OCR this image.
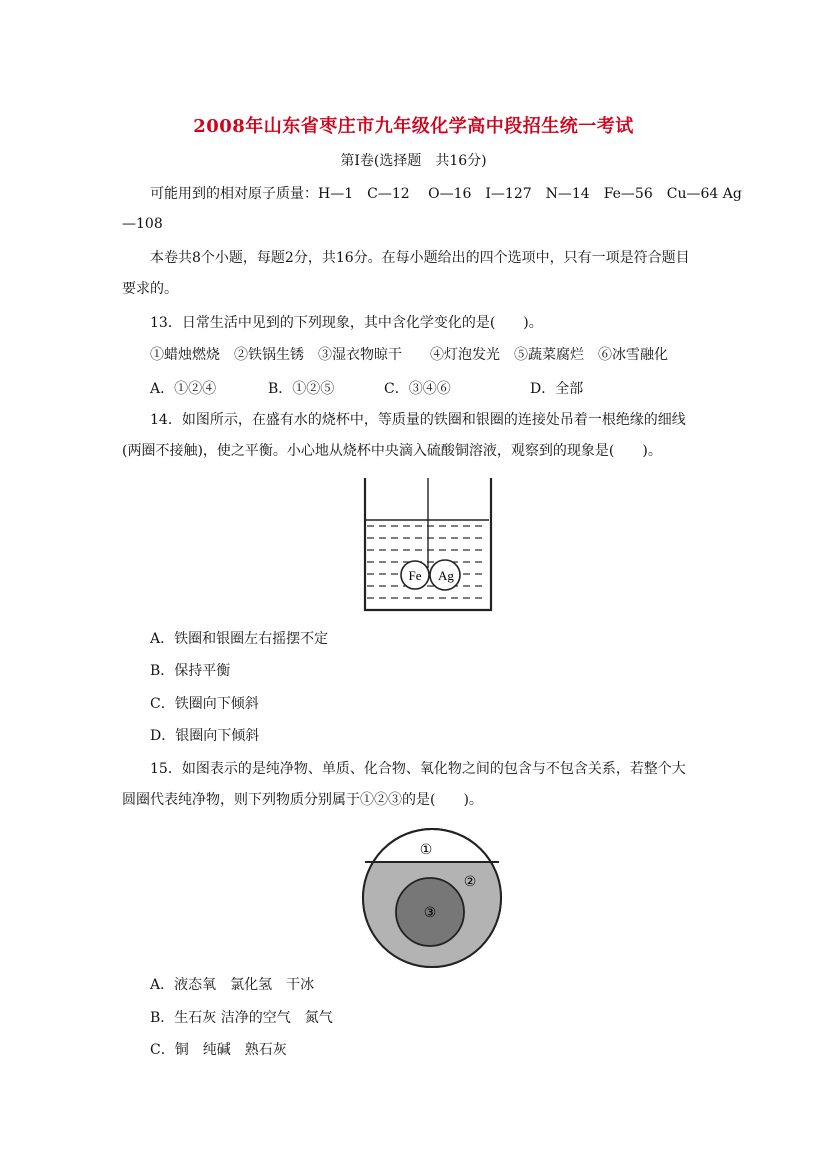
2008年山东省枣庄市九年级化学高中段招生统一考试
第Ⅰ卷(选择题　共16分)
可能用到的相对原子质量：H—1　C—12　 O—16　I—127　N—14　Fe—56　Cu—64 Ag
—108
本卷共8个小题，每题2分，共16分。在每小题给出的四个选项中，只有一项是符合题目
要求的。
13．日常生活中见到的下列现象，其中含化学变化的是(　　)。
①蜡烛燃烧　②铁锅生锈　③湿衣物晾干　　④灯泡发光　⑤蔬菜腐烂　⑥冰雪融化
A．①②④	B．①②⑤	C．③④⑥	D．全部
14．如图所示，在盛有水的烧杯中，等质量的铁圈和银圈的连接处吊着一根绝缘的细线
(两圈不接触)，使之平衡。小心地从烧杯中央滴入硫酸铜溶液，观察到的现象是(　　)。
Fe Ag
A．铁圈和银圈左右摇摆不定
B．保持平衡
C．铁圈向下倾斜
D．银圈向下倾斜
15．如图表示的是纯净物、单质、化合物、氧化物之间的包含与不包含关系，若整个大
圆圈代表纯净物，则下列物质分别属于①②③的是(　　)。
①
②
③
A．液态氧　氯化氢　干冰
B．生石灰 洁净的空气　氮气
C．铜　纯碱　熟石灰
